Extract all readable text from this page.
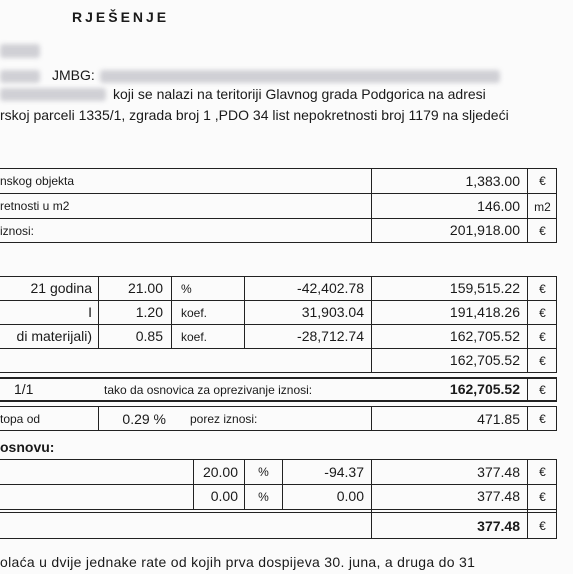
RJEŠENJE
JMBG:
koji se nalazi na teritoriji Glavnog grada Podgorica na adresi
rskoj parceli 1335/1, zgrada broj 1 ,PDO 34 list nepokretnosti broj 1179 na sljedeći
nskog objekta	1,383.00	€
retnosti u m2	146.00	m2
iznosi:	201,918.00	€
21 godina	21.00 %	-42,402.78	159,515.22	€
I	1.20 koef.	31,903.04	191,418.26	€
di materijali)	0.85 koef.	-28,712.74	162,705.52	€
162,705.52	€
1/1	tako da osnovica za oprezivanje iznosi:	162,705.52	€
topa od	0.29 % porez iznosi:	471.85	€
osnovu:
20.00	%	-94.37	377.48	€
0.00	%	0.00	377.48	€
377.48	€
olaća u dvije jednake rate od kojih prva dospijeva 30. juna, a druga do 31
